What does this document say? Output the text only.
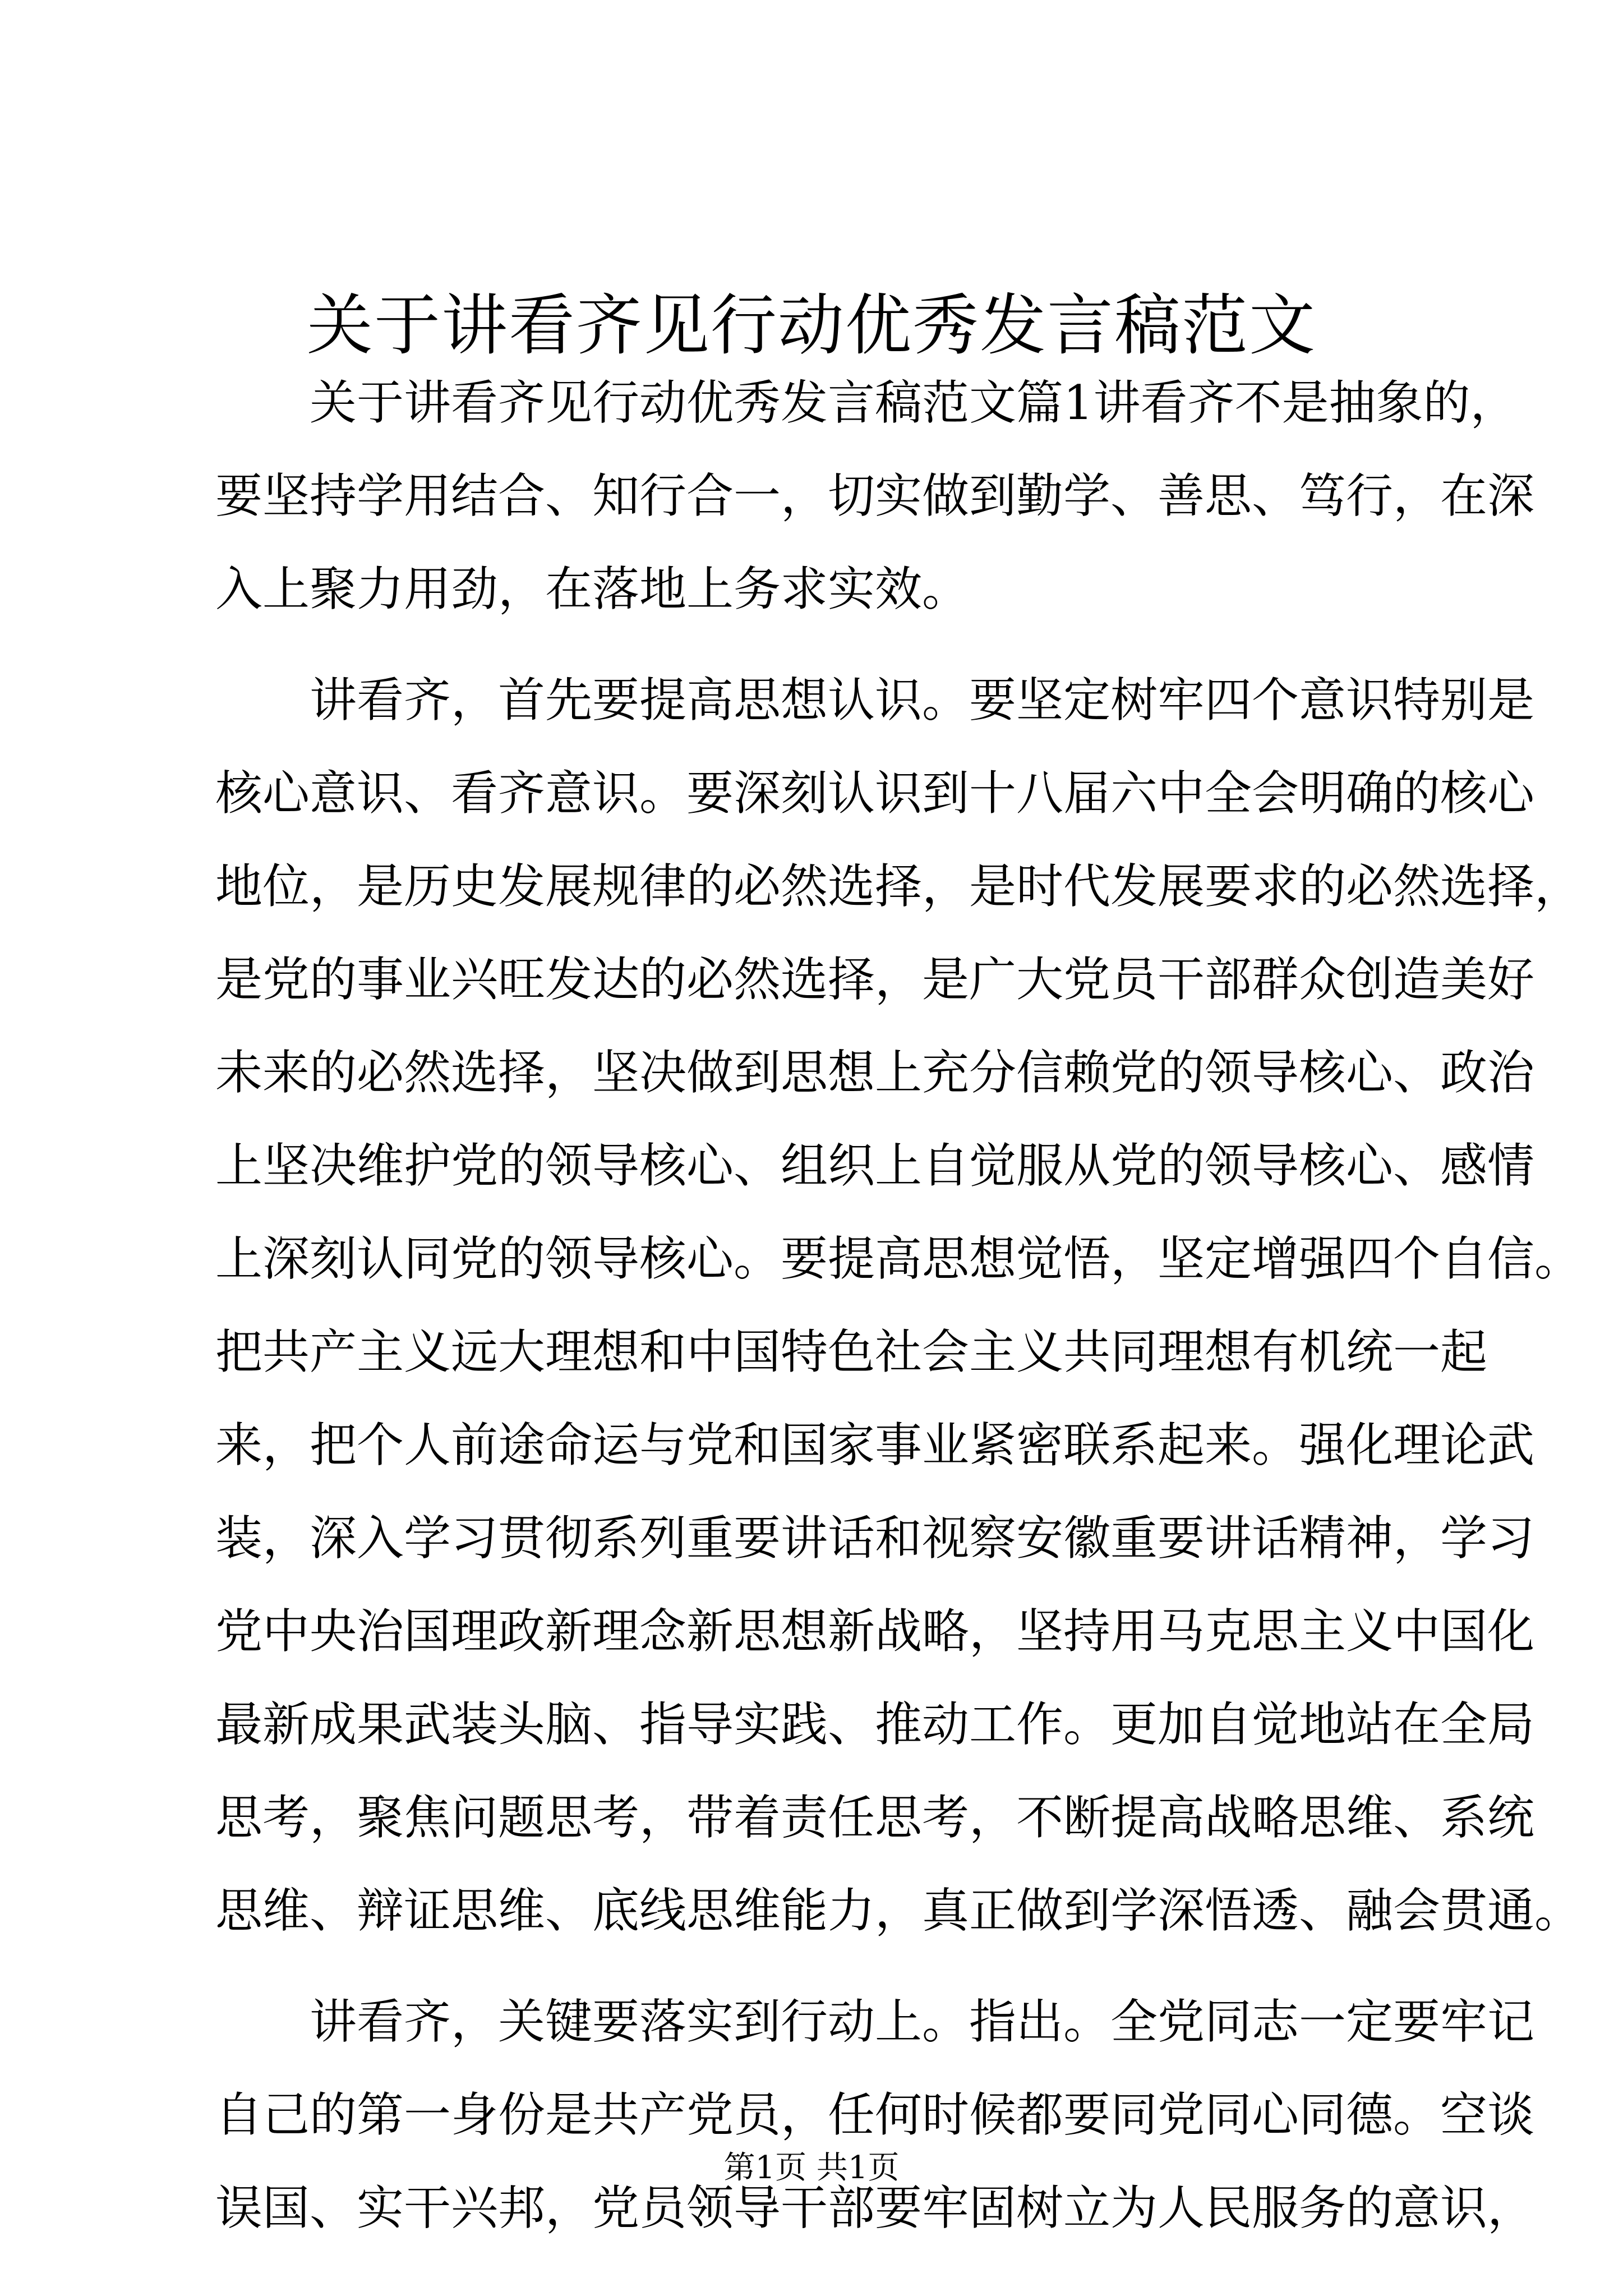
关于讲看齐见行动优秀发言稿范文
关于讲看齐见行动优秀发言稿范文篇1讲看齐不是抽象的，
要坚持学用结合、知行合一，切实做到勤学、善思、笃行，在深
入上聚力用劲，在落地上务求实效。
讲看齐，首先要提高思想认识。要坚定树牢四个意识特别是
核心意识、看齐意识。要深刻认识到十八届六中全会明确的核心
地位，是历史发展规律的必然选择，是时代发展要求的必然选择，
是党的事业兴旺发达的必然选择，是广大党员干部群众创造美好
未来的必然选择，坚决做到思想上充分信赖党的领导核心、政治
上坚决维护党的领导核心、组织上自觉服从党的领导核心、感情
上深刻认同党的领导核心。要提高思想觉悟，坚定增强四个自信。
把共产主义远大理想和中国特色社会主义共同理想有机统一起
来，把个人前途命运与党和国家事业紧密联系起来。强化理论武
装，深入学习贯彻系列重要讲话和视察安徽重要讲话精神，学习
党中央治国理政新理念新思想新战略，坚持用马克思主义中国化
最新成果武装头脑、指导实践、推动工作。更加自觉地站在全局
思考，聚焦问题思考，带着责任思考，不断提高战略思维、系统
思维、辩证思维、底线思维能力，真正做到学深悟透、融会贯通。
讲看齐，关键要落实到行动上。指出。全党同志一定要牢记
自己的第一身份是共产党员，任何时候都要同党同心同德。空谈
误国、实干兴邦，党员领导干部要牢固树立为人民服务的意识，
第1页 共1页
